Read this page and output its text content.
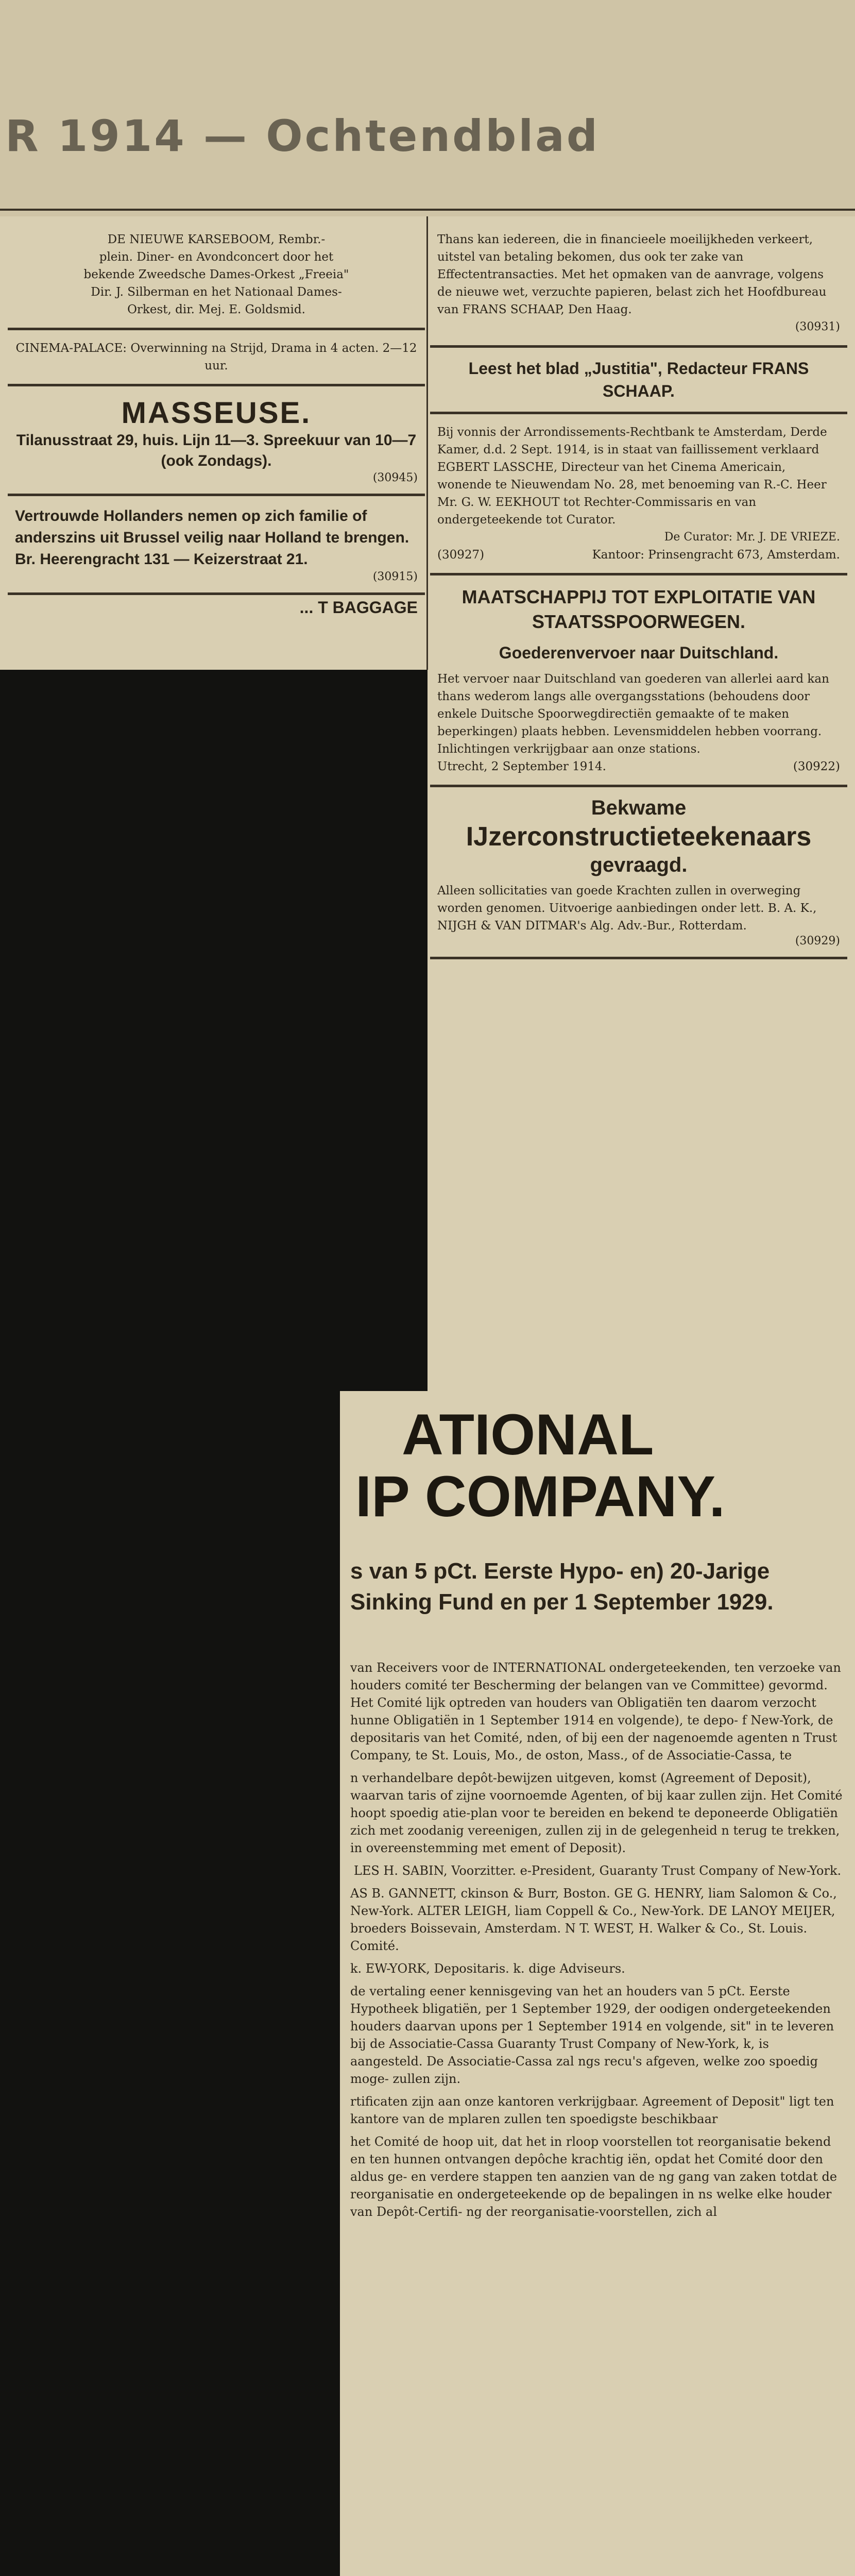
R 1914 — Ochtendblad
DE NIEUWE KARSEBOOM, Rembr.-
plein. Diner- en Avondconcert door het
bekende Zweedsche Dames-Orkest „Freeia"
Dir. J. Silberman en het Nationaal Dames-
Orkest, dir. Mej. E. Goldsmid.
CINEMA-PALACE: Overwinning na Strijd, Drama in 4 acten. 2—12 uur.
MASSEUSE.
Tilanusstraat 29, huis. Lijn 11—3. Spreekuur van 10—7 (ook Zondags).
(30945)
Vertrouwde Hollanders nemen op zich familie of anderszins uit Brussel veilig naar Holland te brengen. Br. Heerengracht 131 — Keizerstraat 21.
(30915)
... T BAGGAGE
Thans kan iedereen, die in financieele moeilijkheden verkeert, uitstel van betaling bekomen, dus ook ter zake van Effectentransacties. Met het opmaken van de aanvrage, volgens de nieuwe wet, verzuchte papieren, belast zich het Hoofdbureau van FRANS SCHAAP, Den Haag.
(30931)
Leest het blad „Justitia", Redacteur FRANS SCHAAP.
Bij vonnis der Arrondissements-Rechtbank te Amsterdam, Derde Kamer, d.d. 2 Sept. 1914, is in staat van faillissement verklaard EGBERT LASSCHE, Directeur van het Cinema Americain, wonende te Nieuwendam No. 28, met benoeming van R.-C. Heer Mr. G. W. EEKHOUT tot Rechter-Commissaris en van ondergeteekende tot Curator.
De Curator: Mr. J. DE VRIEZE.
(30927)	Kantoor: Prinsengracht 673, Amsterdam.
MAATSCHAPPIJ TOT EXPLOITATIE VAN STAATSSPOORWEGEN.
Goederenvervoer naar Duitschland.
Het vervoer naar Duitschland van goederen van allerlei aard kan thans wederom langs alle overgangsstations (behoudens door enkele Duitsche Spoorwegdirectiën gemaakte of te maken beperkingen) plaats hebben. Levensmiddelen hebben voorrang. Inlichtingen verkrijgbaar aan onze stations.
Utrecht, 2 September 1914.	(30922)
Bekwame
IJzerconstructieteekenaars
gevraagd.
Alleen sollicitaties van goede Krachten zullen in overweging worden genomen. Uitvoerige aanbiedingen onder lett. B. A. K., NIJGH & VAN DITMAR's Alg. Adv.-Bur., Rotterdam.
(30929)
ATIONAL
IP COMPANY.
s van 5 pCt. Eerste Hypo- en) 20-Jarige Sinking Fund en per 1 September 1929.

van Receivers voor de INTERNATIONAL ondergeteekenden, ten verzoeke van houders comité ter Bescherming der belangen van ve Committee) gevormd. Het Comité lijk optreden van houders van Obligatiën ten daarom verzocht hunne Obligatiën in 1 September 1914 en volgende), te depo- f New-York, de depositaris van het Comité, nden, of bij een der nagenoemde agenten n Trust Company, te St. Louis, Mo., de oston, Mass., of de Associatie-Cassa, te

n verhandelbare depôt-bewijzen uitgeven, komst (Agreement of Deposit), waarvan taris of zijne voornoemde Agenten, of bij kaar zullen zijn. Het Comité hoopt spoedig atie-plan voor te bereiden en bekend te deponeerde Obligatiën zich met zoodanig vereenigen, zullen zij in de gelegenheid n terug te trekken, in overeenstemming met ement of Deposit).

LES H. SABIN, Voorzitter. e-President, Guaranty Trust Company of New-York.

AS B. GANNETT, ckinson & Burr, Boston. GE G. HENRY, liam Salomon & Co., New-York. ALTER LEIGH, liam Coppell & Co., New-York. DE LANOY MEIJER, broeders Boissevain, Amsterdam. N T. WEST, H. Walker & Co., St. Louis. Comité.

k. EW-YORK, Depositaris. k. dige Adviseurs.

de vertaling eener kennisgeving van het an houders van 5 pCt. Eerste Hypotheek bligatiën, per 1 September 1929, der oodigen ondergeteekenden houders daarvan upons per 1 September 1914 en volgende, sit" in te leveren bij de Associatie-Cassa Guaranty Trust Company of New-York, k, is aangesteld. De Associatie-Cassa zal ngs recu's afgeven, welke zoo spoedig moge- zullen zijn.

rtificaten zijn aan onze kantoren verkrijgbaar. Agreement of Deposit" ligt ten kantore van de mplaren zullen ten spoedigste beschikbaar

het Comité de hoop uit, dat het in rloop voorstellen tot reorganisatie bekend en ten hunnen ontvangen depôche krachtig iën, opdat het Comité door den aldus ge- en verdere stappen ten aanzien van de ng gang van zaken totdat de reorganisatie en ondergeteekende op de bepalingen in ns welke elke houder van Depôt-Certifi- ng der reorganisatie-voorstellen, zich al
